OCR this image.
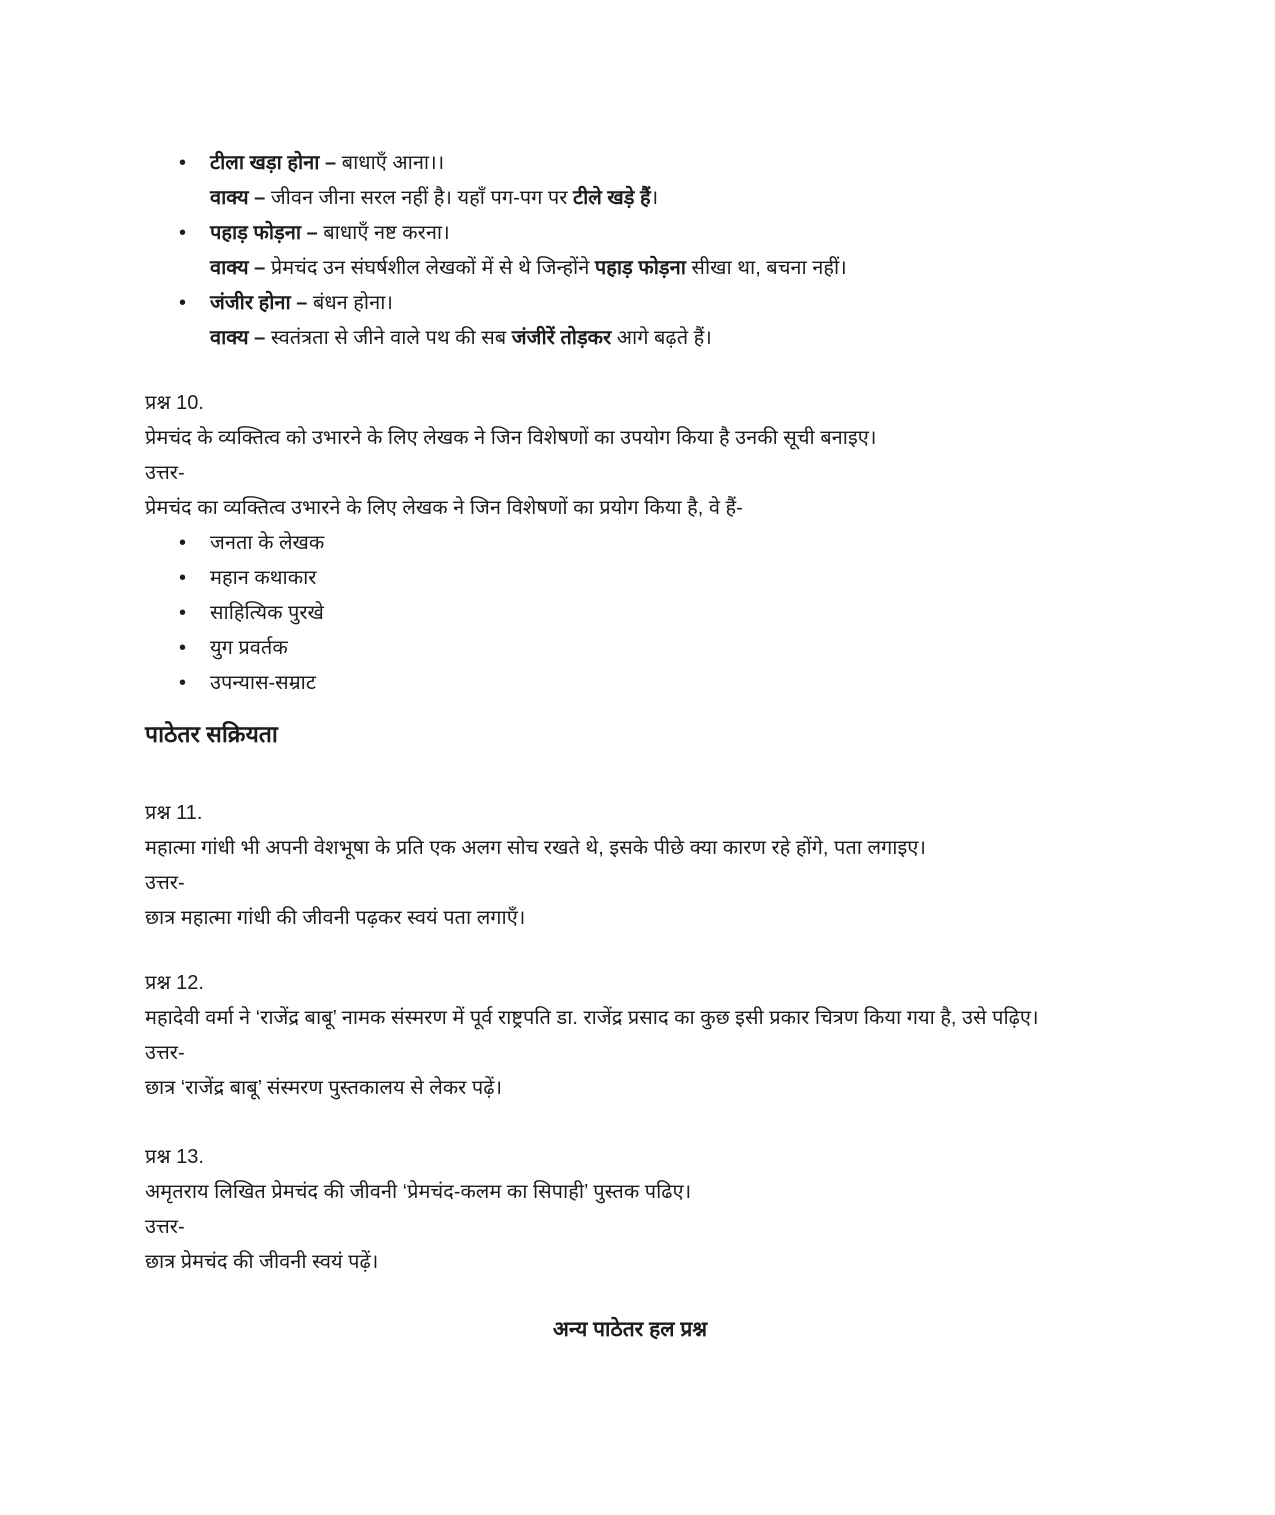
• टीला खड़ा होना – बाधाएँ आना।।

वाक्य – जीवन जीना सरल नहीं है। यहाँ पग-पग पर टीले खड़े हैं।

• पहाड़ फोड़ना – बाधाएँ नष्ट करना।

वाक्य – प्रेमचंद उन संघर्षशील लेखकों में से थे जिन्होंने पहाड़ फोड़ना सीखा था, बचना नहीं।

• जंजीर होना – बंधन होना।

वाक्य – स्वतंत्रता से जीने वाले पथ की सब जंजीरें तोड़कर आगे बढ़ते हैं।

प्रश्न 10.

प्रेमचंद के व्यक्तित्व को उभारने के लिए लेखक ने जिन विशेषणों का उपयोग किया है उनकी सूची बनाइए।

उत्तर-

प्रेमचंद का व्यक्तित्व उभारने के लिए लेखक ने जिन विशेषणों का प्रयोग किया है, वे हैं-

• जनता के लेखक
• महान कथाकार
• साहित्यिक पुरखे
• युग प्रवर्तक
• उपन्यास-सम्राट

पाठेतर सक्रियता

प्रश्न 11.

महात्मा गांधी भी अपनी वेशभूषा के प्रति एक अलग सोच रखते थे, इसके पीछे क्या कारण रहे होंगे, पता लगाइए।

उत्तर-

छात्र महात्मा गांधी की जीवनी पढ़कर स्वयं पता लगाएँ।

प्रश्न 12.

महादेवी वर्मा ने ‘राजेंद्र बाबू’ नामक संस्मरण में पूर्व राष्ट्रपति डा. राजेंद्र प्रसाद का कुछ इसी प्रकार चित्रण किया गया है, उसे पढ़िए।

उत्तर-

छात्र ‘राजेंद्र बाबू’ संस्मरण पुस्तकालय से लेकर पढ़ें।

प्रश्न 13.

अमृतराय लिखित प्रेमचंद की जीवनी ‘प्रेमचंद-कलम का सिपाही’ पुस्तक पढिए।

उत्तर-

छात्र प्रेमचंद की जीवनी स्वयं पढ़ें।

अन्य पाठेतर हल प्रश्न
